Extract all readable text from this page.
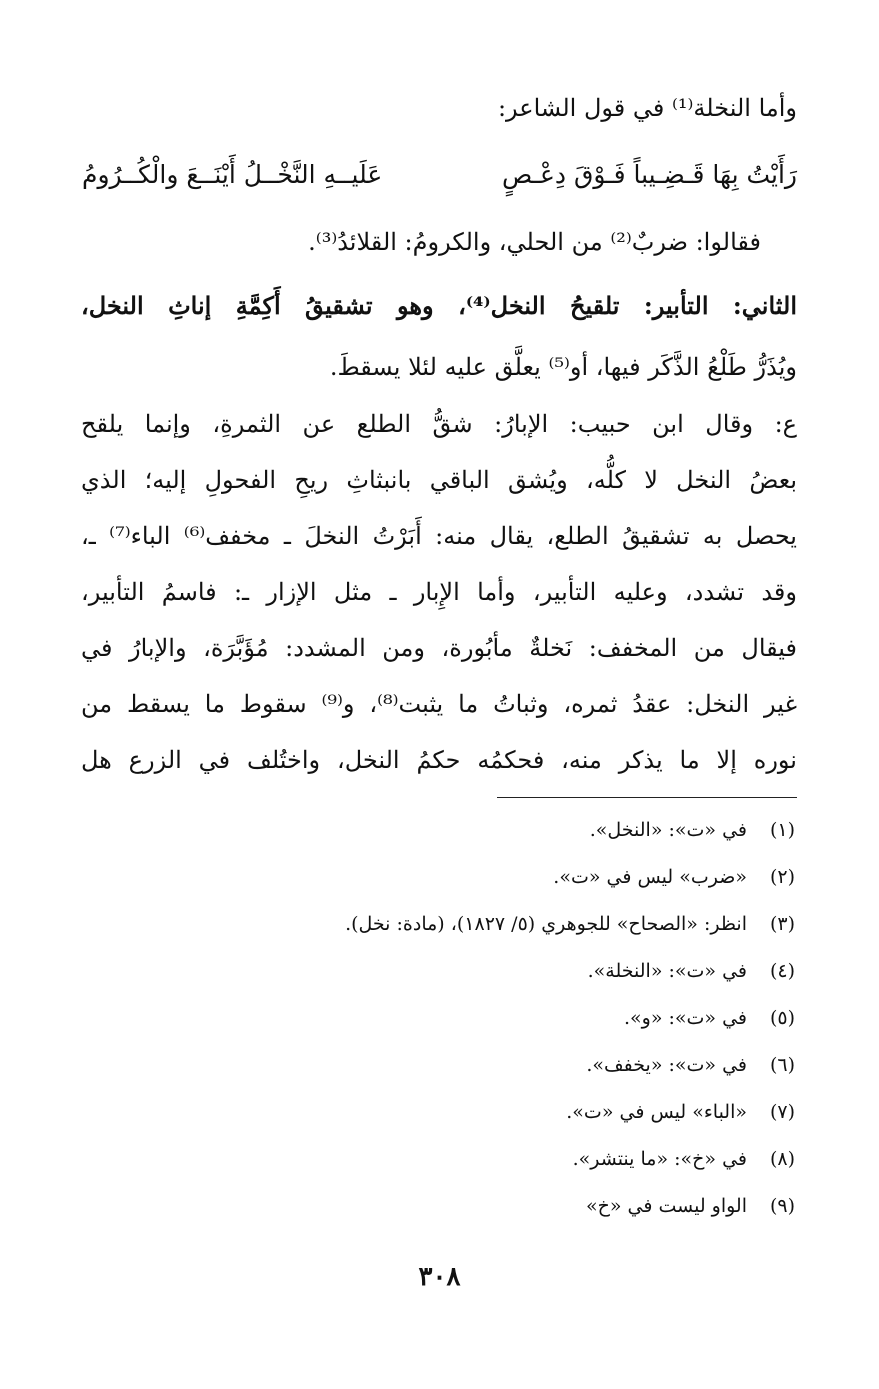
وأما النخلة⁽¹⁾ في قول الشاعر:
رَأَيْتُ بِهَا قَـضِـيباً فَـوْقَ دِعْـصٍ
عَلَيــهِ النَّخْــلُ أَيْنَــعَ والْكُــرُومُ
فقالوا: ضربٌ⁽²⁾ من الحلي، والكرومُ: القلائدُ⁽³⁾.
الثاني: التأبير: تلقيحُ النخل⁽⁴⁾، وهو تشقيقُ أَكِمَّةِ إناثِ النخل،
ويُذَرُّ طَلْعُ الذَّكَر فيها، أو⁽⁵⁾ يعلَّق عليه لئلا يسقطَ.
ع: وقال ابن حبيب: الإبارُ: شقُّ الطلع عن الثمرةِ، وإنما يلقح
بعضُ النخل لا كلُّه، ويُشق الباقي بانبثاثِ ريحِ الفحولِ إليه؛ الذي
يحصل به تشقيقُ الطلع، يقال منه: أَبَرْتُ النخلَ ـ مخفف⁽⁶⁾ الباء⁽⁷⁾ ـ،
وقد تشدد، وعليه التأبير، وأما الإِبار ـ مثل الإزار ـ: فاسمُ التأبير،
فيقال من المخفف: نَخلةٌ مأبُورة، ومن المشدد: مُؤَبَّرَة، والإبارُ في
غير النخل: عقدُ ثمره، وثباتُ ما يثبت⁽⁸⁾، و⁽⁹⁾ سقوط ما يسقط من
نوره إلا ما يذكر منه، فحكمُه حكمُ النخل، واختُلف في الزرع هل
(١)في «ت»: «النخل».
(٢)«ضرب» ليس في «ت».
(٣)انظر: «الصحاح» للجوهري (٥/ ١٨٢٧)، (مادة: نخل).
(٤)في «ت»: «النخلة».
(٥)في «ت»: «و».
(٦)في «ت»: «يخفف».
(٧)«الباء» ليس في «ت».
(٨)في «خ»: «ما ينتشر».
(٩)الواو ليست في «خ»
٣٠٨
